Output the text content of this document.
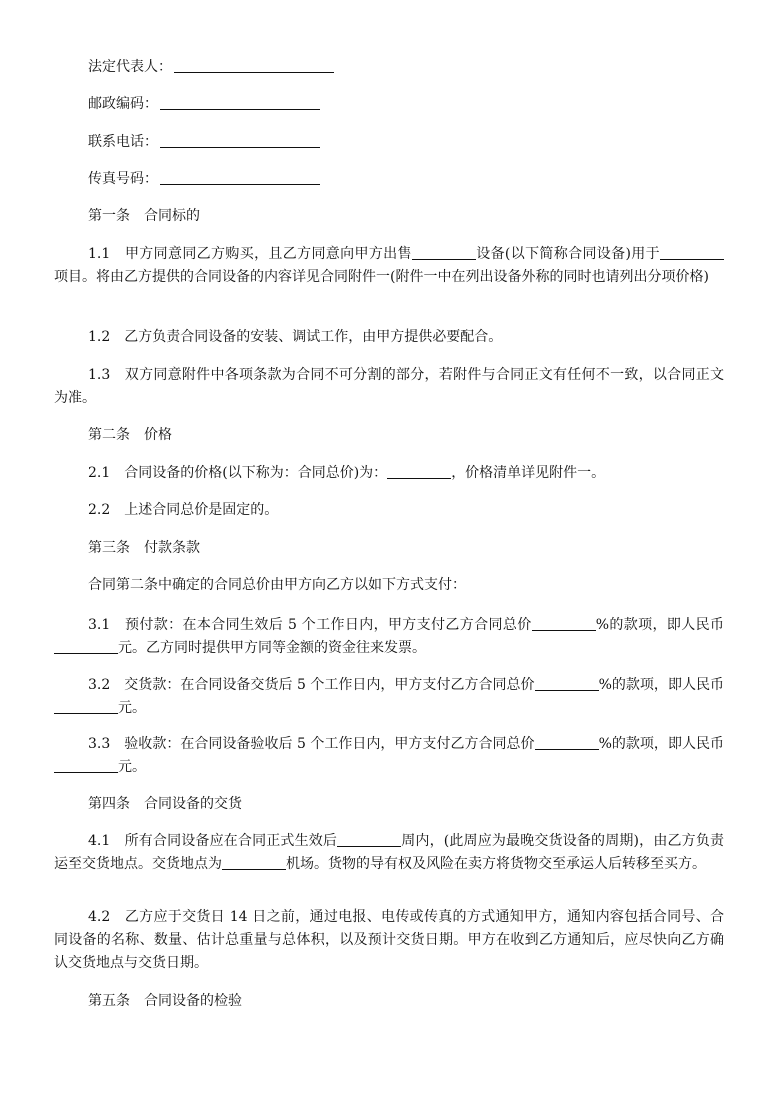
法定代表人：
邮政编码：
联系电话：
传真号码：
第一条　合同标的
1.1　甲方同意同乙方购买，且乙方同意向甲方出售	设备(以下简称合同设备)用于项目。将由乙方提供的合同设备的内容详见合同附件一(附件一中在列出设备外称的同时也请列出分项价格)
1.2　乙方负责合同设备的安装、调试工作，由甲方提供必要配合。
1.3　双方同意附件中各项条款为合同不可分割的部分，若附件与合同正文有任何不一致，以合同正文为准。
第二条　价格
2.1　合同设备的价格(以下称为：合同总价)为：	，价格清单详见附件一。
2.2　上述合同总价是固定的。
第三条　付款条款
合同第二条中确定的合同总价由甲方向乙方以如下方式支付：
3.1　预付款：在本合同生效后 5 个工作日内，甲方支付乙方合同总价	%的款项，即人民币元。乙方同时提供甲方同等金额的资金往来发票。
3.2　交货款：在合同设备交货后 5 个工作日内，甲方支付乙方合同总价	%的款项，即人民币元。
3.3　验收款：在合同设备验收后 5 个工作日内，甲方支付乙方合同总价	%的款项，即人民币元。
第四条　合同设备的交货
4.1　所有合同设备应在合同正式生效后	周内，(此周应为最晚交货设备的周期)，由乙方负责运至交货地点。交货地点为	机场。货物的导有权及风险在卖方将货物交至承运人后转移至买方。
4.2　乙方应于交货日 14 日之前，通过电报、电传或传真的方式通知甲方，通知内容包括合同号、合同设备的名称、数量、估计总重量与总体积，以及预计交货日期。甲方在收到乙方通知后，应尽快向乙方确认交货地点与交货日期。
第五条　合同设备的检验
